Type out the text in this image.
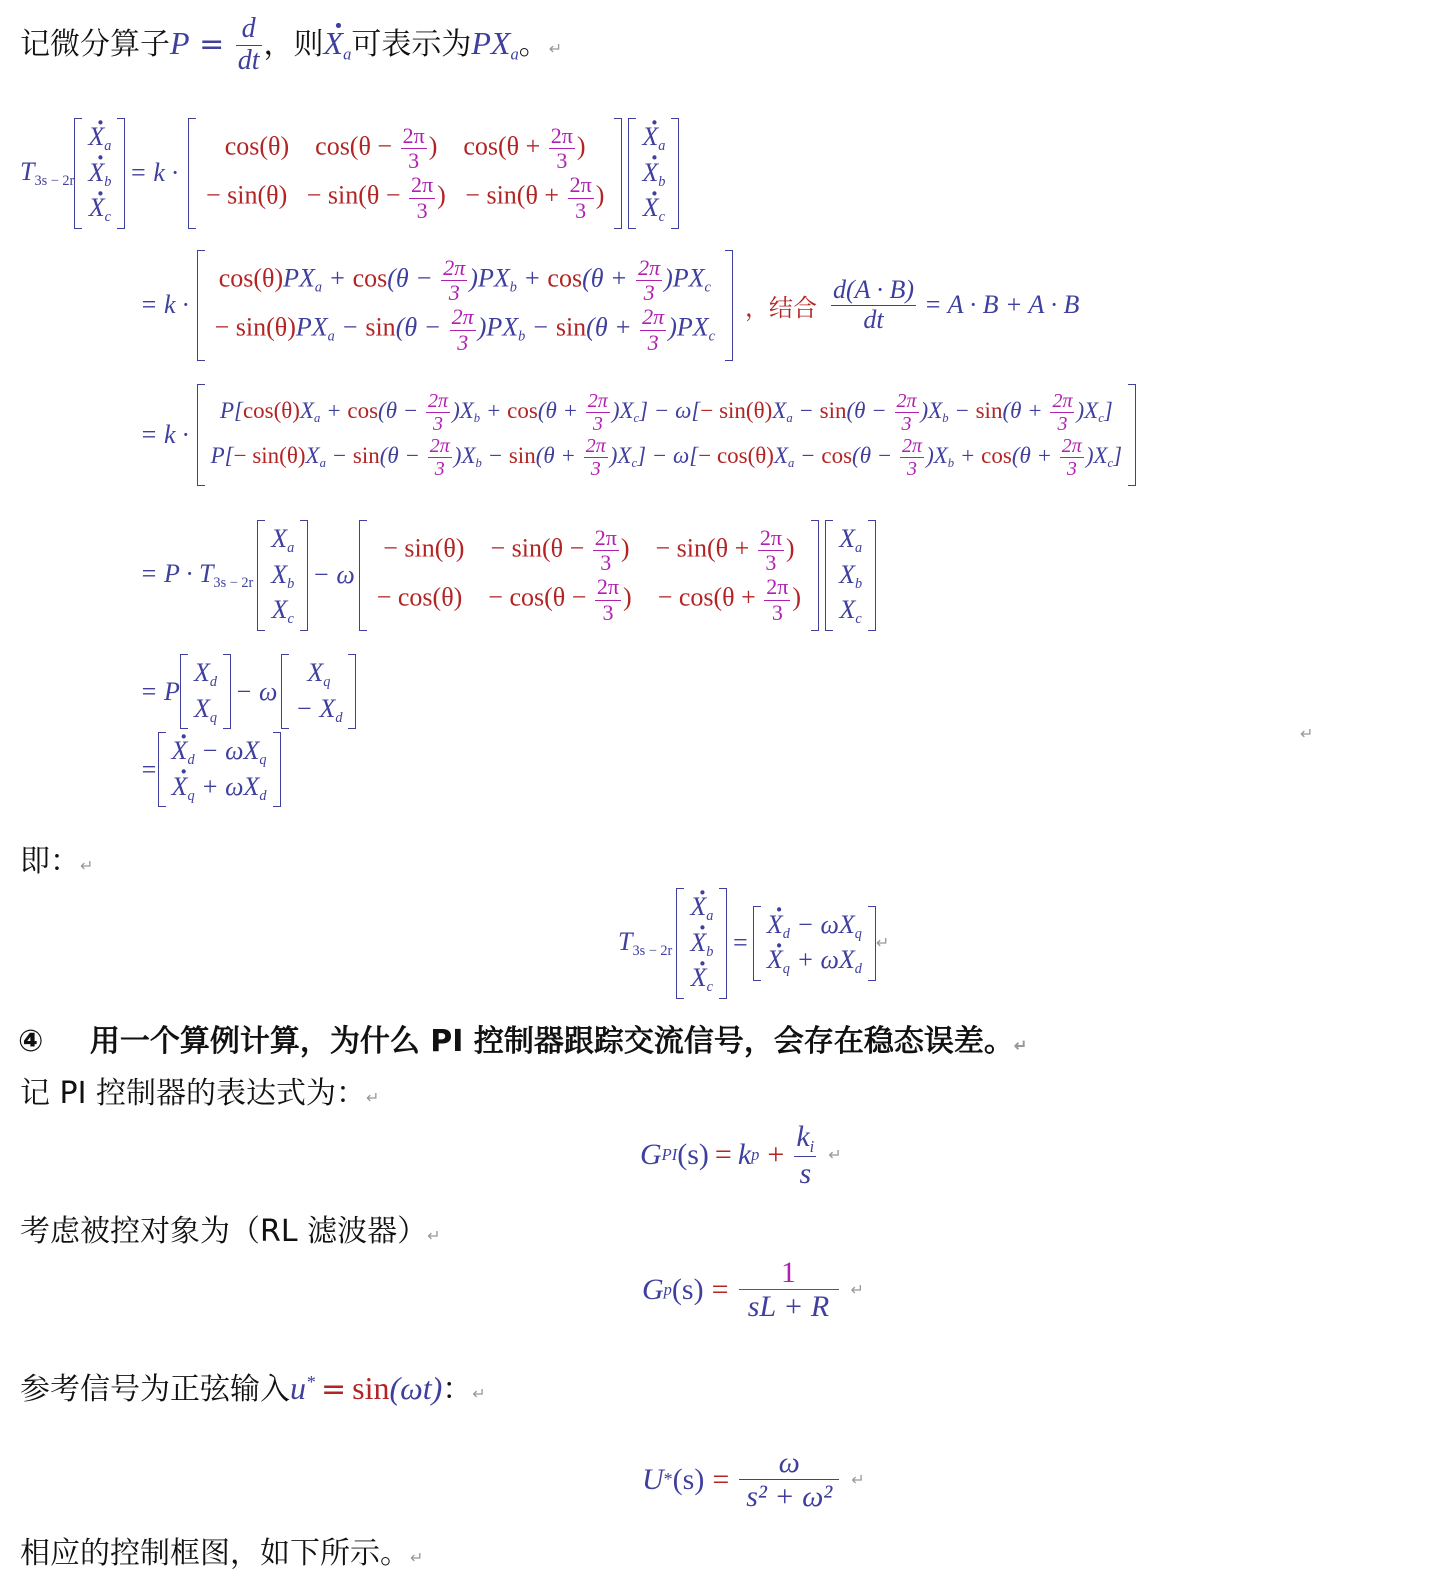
记微分算子$P = \frac{d}{dt}$ ，则· $X_a$可表示为$PX_a$。↵
$T_{3s - 2r}$
· $X_a$
· $X_b$
· $X_c$
= k ·
cos(θ)    $\cos(\theta - \frac{2\pi}{3}$ )    $\cos(\theta + \frac{2\pi}{3}$ )
− $\sin(\theta) - \sin(\theta - \frac{2\pi}{3}$ )   − $\sin(\theta + \frac{2\pi}{3}$ )
· $X_a$
· $X_b$
· $X_c$
= k ·
$\cos(\theta)PX_a + \cos(\theta - \frac{2\pi}{3} )PX_b + \cos(\theta + \frac{2\pi}{3} )PX_c$
− $\sin(\theta)PX_a - \sin(\theta - \frac{2\pi}{3} )PX_b - \sin(\theta + \frac{2\pi}{3} )PX_c$
，结合 $\frac{d(A \cdot B)}{dt} = A \cdot B + A \cdot B$
= k ·
$P[\cos(\theta)X_a + \cos(\theta - \frac{2\pi}{3} )X_b + \cos(\theta + \frac{2\pi}{3} )X_c] - \omega[- \sin(\theta)X_a - \sin(\theta - \frac{2\pi}{3} )X_b - \sin(\theta + \frac{2\pi}{3} )X_c]$
$P[- \sin(\theta)X_a - \sin(\theta - \frac{2\pi}{3} )X_b - \sin(\theta + \frac{2\pi}{3} )X_c] - \omega[- \cos(\theta)X_a - \cos(\theta - \frac{2\pi}{3} )X_b + \cos(\theta + \frac{2\pi}{3} )X_c]$
= $P \cdot T_{3s - 2r}$
$X_a$
$X_b$
$X_c$
− ω
− sin(θ)    − $\sin(\theta - \frac{2\pi}{3}$ )    − $\sin(\theta + \frac{2\pi}{3}$ )
− cos(θ)    − $\cos(\theta - \frac{2\pi}{3}$ )    − $\cos(\theta + \frac{2\pi}{3}$ )
$X_a$
$X_b$
$X_c$
= P
$X_d$
$X_q$
− ω
$X_q$
− $X_d$
=
· $X_d - \omega X_q$
· $X_q + \omega X_d$
↵
即：↵
$T_{3s - 2r}$
· $X_a$
· $X_b$
· $X_c$
=
· $X_d - \omega X_q$
· $X_q + \omega X_d$
↵
④ 用一个算例计算，为什么 PI 控制器跟踪交流信号，会存在稳态误差。↵
记 PI 控制器的表达式为：↵
G PI (s) = k $p + \frac{k_i}{s}$ ↵
考虑被控对象为（RL 滤波器）↵
G p $(s) = \frac{1}{sL + R}$ ↵
参考信号为正弦输入u* = sin(ωt)：↵
$U * (s) = \frac{\omega}{\text{s² + ω²}}$ ↵
相应的控制框图，如下所示。↵
